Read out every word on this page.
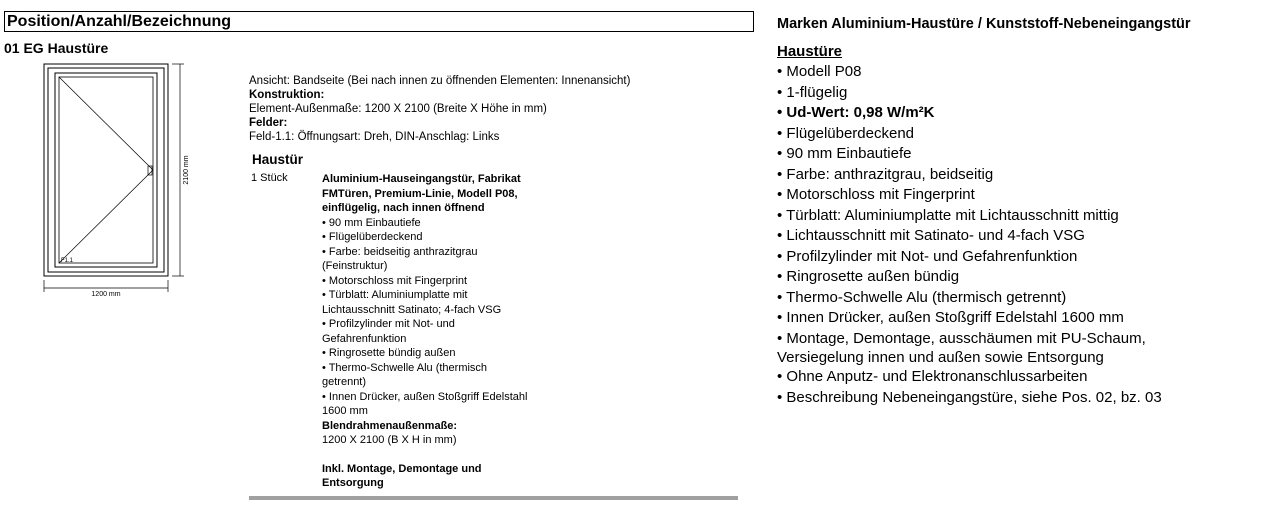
Position/Anzahl/Bezeichnung
01 EG Haustüre
F1.1
1200 mm
2100 mm
Ansicht: Bandseite (Bei nach innen zu öffnenden Elementen: Innenansicht)
Konstruktion:
Element-Außenmaße: 1200 X 2100 (Breite X Höhe in mm)
Felder:
Feld-1.1: Öffnungsart: Dreh, DIN-Anschlag: Links
Haustür
1 Stück	Aluminium-Hauseingangstür, Fabrikat
FMTüren, Premium-Linie, Modell P08,
einflügelig, nach innen öffnend
• 90 mm Einbautiefe
• Flügelüberdeckend
• Farbe: beidseitig anthrazitgrau
(Feinstruktur)
• Motorschloss mit Fingerprint
• Türblatt: Aluminiumplatte mit
Lichtausschnitt Satinato; 4-fach VSG
• Profilzylinder mit Not- und
Gefahrenfunktion
• Ringrosette bündig außen
• Thermo-Schwelle Alu (thermisch
getrennt)
• Innen Drücker, außen Stoßgriff Edelstahl
1600 mm
Blendrahmenaußenmaße:
1200 X 2100 (B X H in mm)
Inkl. Montage, Demontage und
Entsorgung
Marken Aluminium-Haustüre / Kunststoff-Nebeneingangstür
Haustüre
• Modell P08
• 1-flügelig
• Ud-Wert: 0,98 W/m²K
• Flügelüberdeckend
• 90 mm Einbautiefe
• Farbe: anthrazitgrau, beidseitig
• Motorschloss mit Fingerprint
• Türblatt: Aluminiumplatte mit Lichtausschnitt mittig
• Lichtausschnitt mit Satinato- und 4-fach VSG
• Profilzylinder mit Not- und Gefahrenfunktion
• Ringrosette außen bündig
• Thermo-Schwelle Alu (thermisch getrennt)
• Innen Drücker, außen Stoßgriff Edelstahl 1600 mm
• Montage, Demontage, ausschäumen mit PU-Schaum,
Versiegelung innen und außen sowie Entsorgung
• Ohne Anputz- und Elektronanschlussarbeiten
• Beschreibung Nebeneingangstüre, siehe Pos. 02, bz. 03
